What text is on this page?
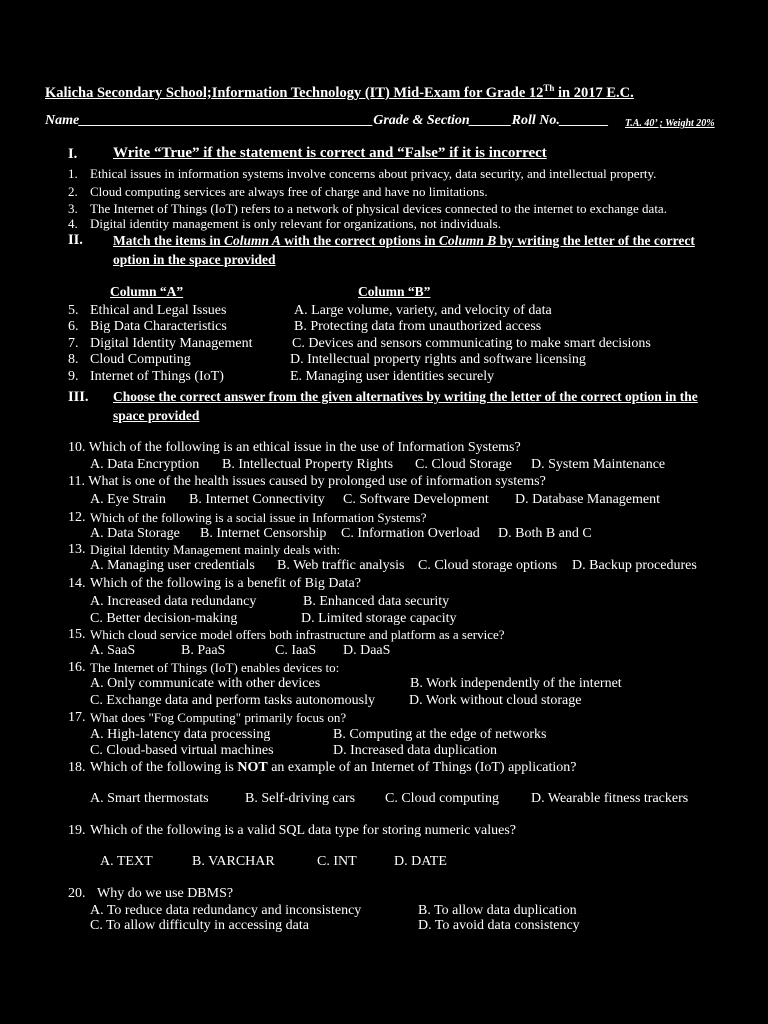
Kalicha Secondary School;Information Technology (IT) Mid-Exam for Grade 12Th in 2017 E.C.
Name__________________________________________Grade & Section______Roll No._______ T.A. 40’ ; Weight 20%
I. Write “True” if the statement is correct and “False” if it is incorrect
1. Ethical issues in information systems involve concerns about privacy, data security, and intellectual property.
2. Cloud computing services are always free of charge and have no limitations.
3. The Internet of Things (IoT) refers to a network of physical devices connected to the internet to exchange data.
4. Digital identity management is only relevant for organizations, not individuals.
II. Match the items in Column A with the correct options in Column B by writing the letter of the correct option in the space provided
Column “A”	Column “B”
5. Ethical and Legal Issues	A. Large volume, variety, and velocity of data
6. Big Data Characteristics	B. Protecting data from unauthorized access
7. Digital Identity Management	C. Devices and sensors communicating to make smart decisions
8. Cloud Computing	D. Intellectual property rights and software licensing
9. Internet of Things (IoT)	E. Managing user identities securely
III. Choose the correct answer from the given alternatives by writing the letter of the correct option in the space provided
10. Which of the following is an ethical issue in the use of Information Systems?
A. Data Encryption B. Intellectual Property Rights C. Cloud Storage D. System Maintenance
11. What is one of the health issues caused by prolonged use of information systems?
A. Eye Strain B. Internet Connectivity C. Software Development D. Database Management
12. Which of the following is a social issue in Information Systems?
A. Data Storage B. Internet Censorship C. Information Overload D. Both B and C
13. Digital Identity Management mainly deals with:
A. Managing user credentials B. Web traffic analysis C. Cloud storage options D. Backup procedures
14. Which of the following is a benefit of Big Data?
A. Increased data redundancy	B. Enhanced data security
C. Better decision-making	D. Limited storage capacity
15. Which cloud service model offers both infrastructure and platform as a service?
A. SaaS	B. PaaS	C. IaaS D. DaaS
16. The Internet of Things (IoT) enables devices to:
A. Only communicate with other devices	B. Work independently of the internet
C. Exchange data and perform tasks autonomously D. Work without cloud storage
17. What does "Fog Computing" primarily focus on?
A. High-latency data processing	B. Computing at the edge of networks
C. Cloud-based virtual machines	D. Increased data duplication
18. Which of the following is NOT an example of an Internet of Things (IoT) application?
A. Smart thermostats	B. Self-driving cars C. Cloud computing D. Wearable fitness trackers
19. Which of the following is a valid SQL data type for storing numeric values?
A. TEXT	B. VARCHAR	C. INT	D. DATE
20. Why do we use DBMS?
A. To reduce data redundancy and inconsistency	B. To allow data duplication
C. To allow difficulty in accessing data	D. To avoid data consistency
